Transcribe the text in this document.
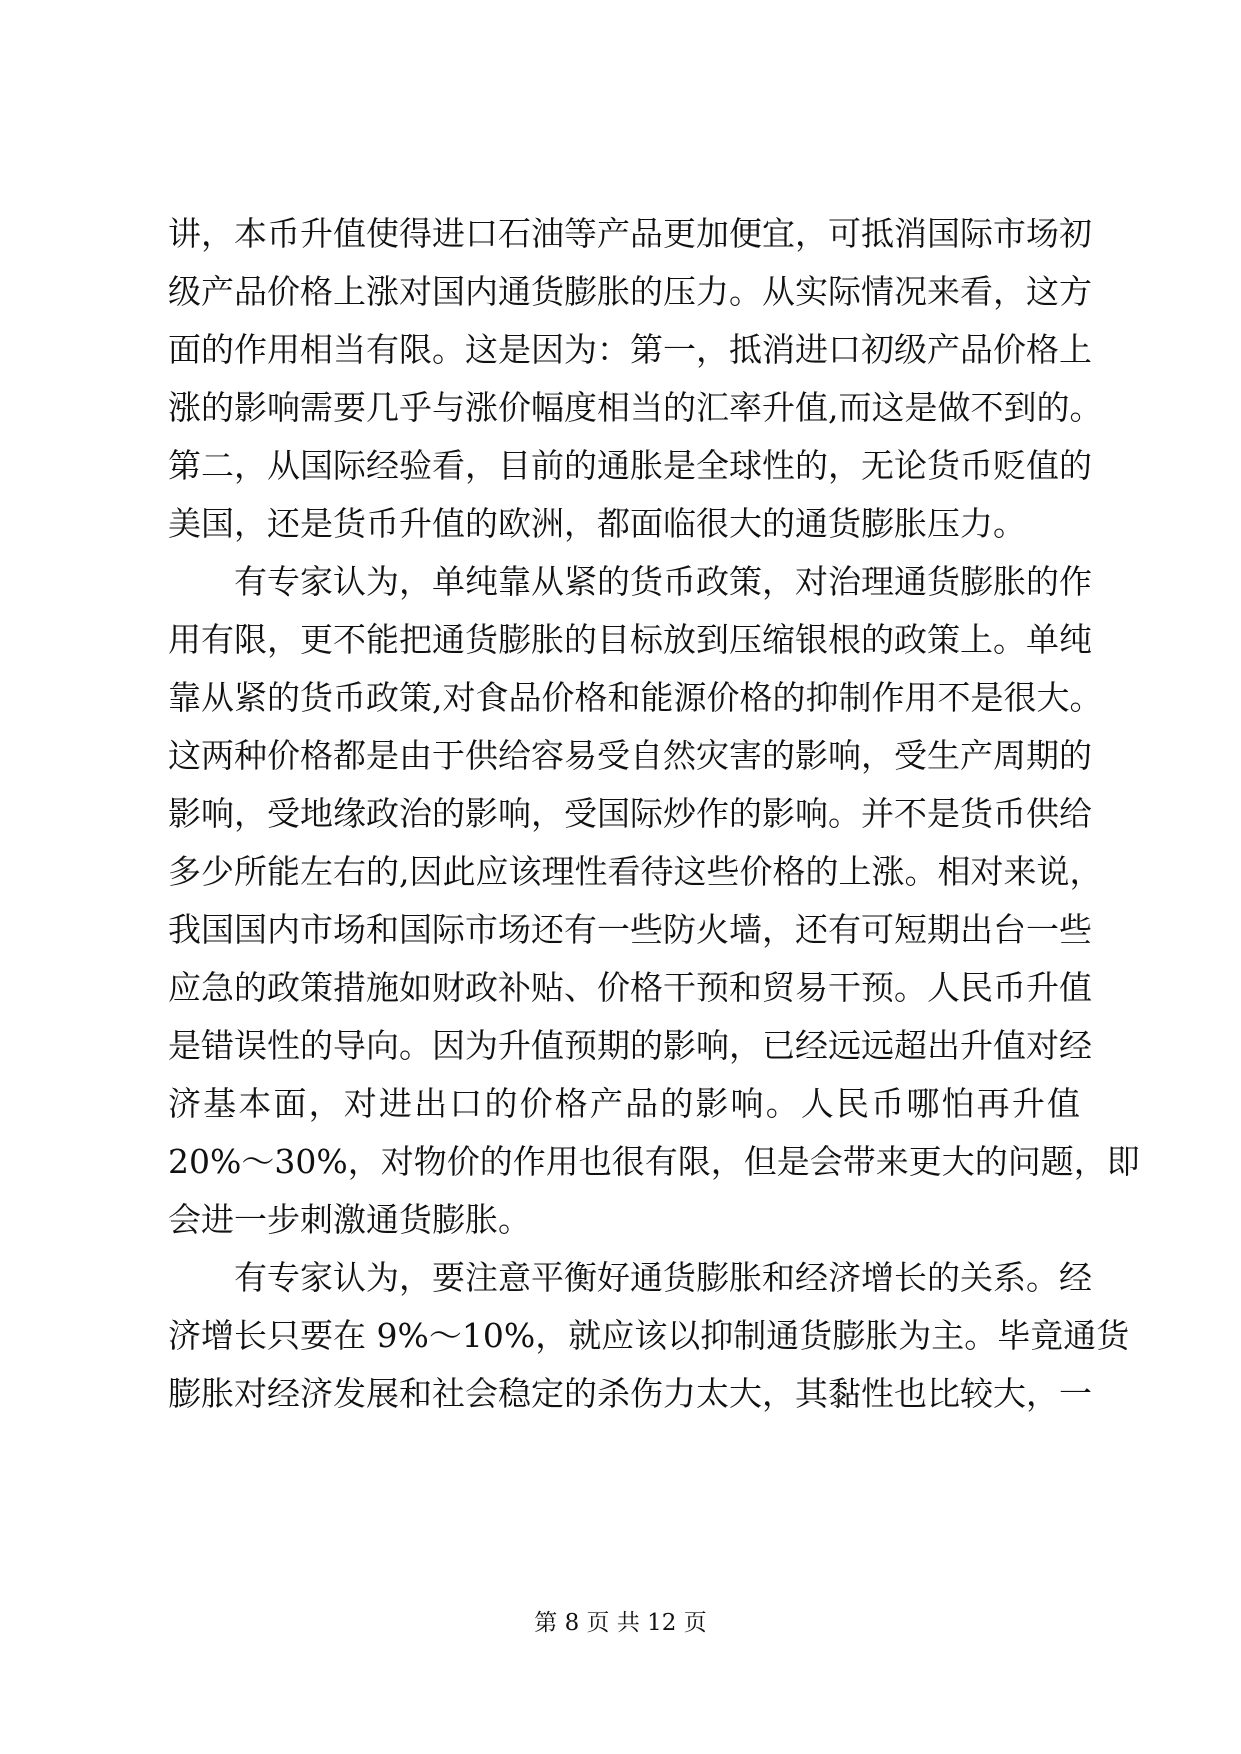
讲，本币升值使得进口石油等产品更加便宜，可抵消国际市场初
级产品价格上涨对国内通货膨胀的压力。从实际情况来看，这方
面的作用相当有限。这是因为：第一，抵消进口初级产品价格上
涨的影响需要几乎与涨价幅度相当的汇率升值,而这是做不到的。
第二，从国际经验看，目前的通胀是全球性的，无论货币贬值的
美国，还是货币升值的欧洲，都面临很大的通货膨胀压力。
有专家认为，单纯靠从紧的货币政策，对治理通货膨胀的作
用有限，更不能把通货膨胀的目标放到压缩银根的政策上。单纯
靠从紧的货币政策,对食品价格和能源价格的抑制作用不是很大。
这两种价格都是由于供给容易受自然灾害的影响，受生产周期的
影响，受地缘政治的影响，受国际炒作的影响。并不是货币供给
多少所能左右的,因此应该理性看待这些价格的上涨。相对来说，
我国国内市场和国际市场还有一些防火墙，还有可短期出台一些
应急的政策措施如财政补贴、价格干预和贸易干预。人民币升值
是错误性的导向。因为升值预期的影响，已经远远超出升值对经
济基本面，对进出口的价格产品的影响。人民币哪怕再升值
20%～30%，对物价的作用也很有限，但是会带来更大的问题，即
会进一步刺激通货膨胀。
有专家认为，要注意平衡好通货膨胀和经济增长的关系。经
济增长只要在 9%～10%，就应该以抑制通货膨胀为主。毕竟通货
膨胀对经济发展和社会稳定的杀伤力太大，其黏性也比较大，一
第 8 页 共 12 页
